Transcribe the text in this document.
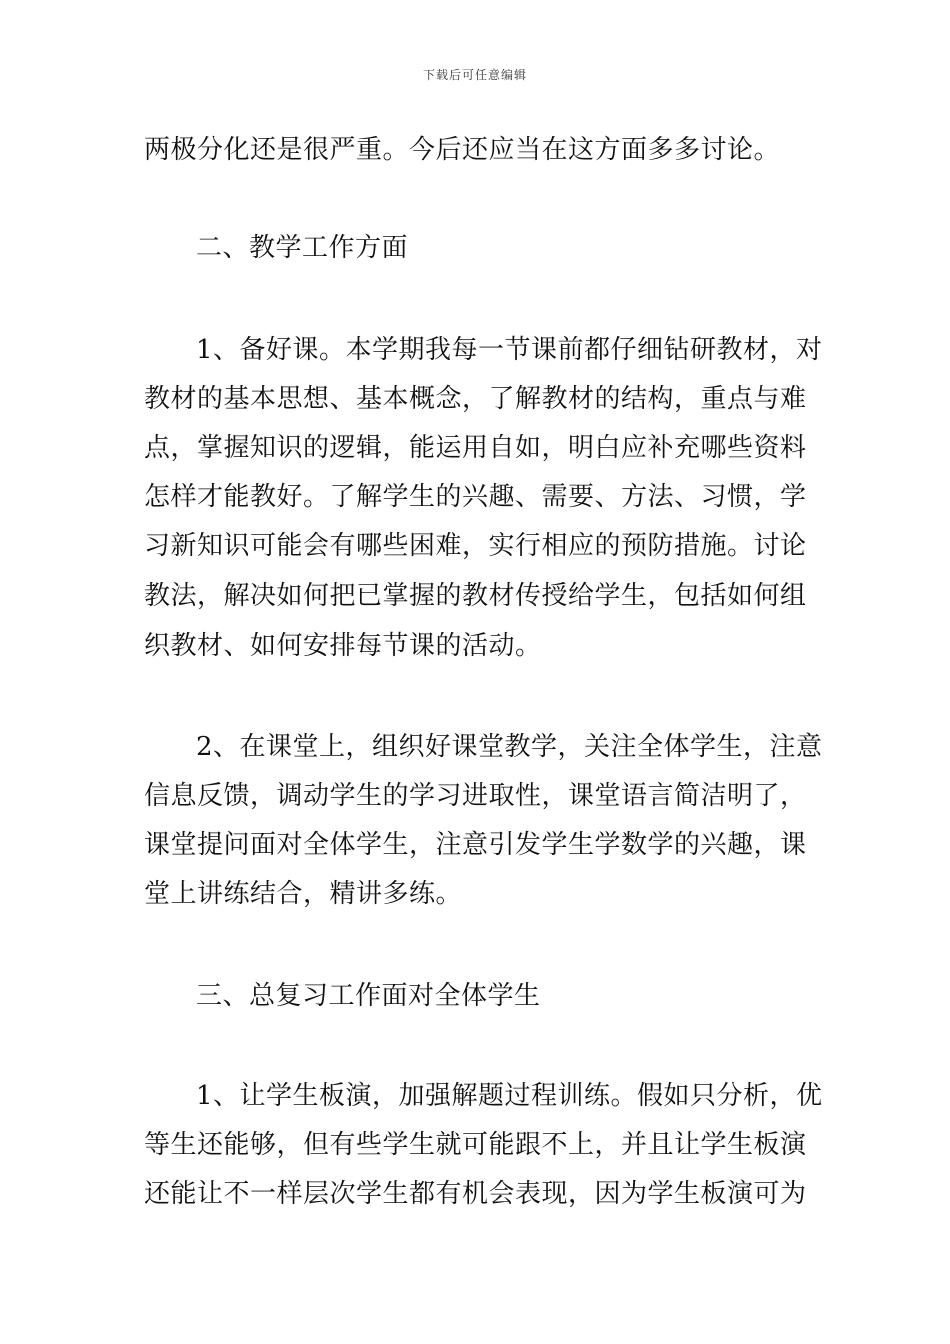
下载后可任意编辑
两极分化还是很严重。今后还应当在这方面多多讨论。
二、教学工作方面
1、备好课。本学期我每一节课前都仔细钻研教材，对
教材的基本思想、基本概念，了解教材的结构，重点与难
点，掌握知识的逻辑，能运用自如，明白应补充哪些资料
怎样才能教好。了解学生的兴趣、需要、方法、习惯，学
习新知识可能会有哪些困难，实行相应的预防措施。讨论
教法，解决如何把已掌握的教材传授给学生，包括如何组
织教材、如何安排每节课的活动。
2、在课堂上，组织好课堂教学，关注全体学生，注意
信息反馈，调动学生的学习进取性，课堂语言简洁明了，
课堂提问面对全体学生，注意引发学生学数学的兴趣，课
堂上讲练结合，精讲多练。
三、总复习工作面对全体学生
1、让学生板演，加强解题过程训练。假如只分析，优
等生还能够，但有些学生就可能跟不上，并且让学生板演
还能让不一样层次学生都有机会表现，因为学生板演可为
